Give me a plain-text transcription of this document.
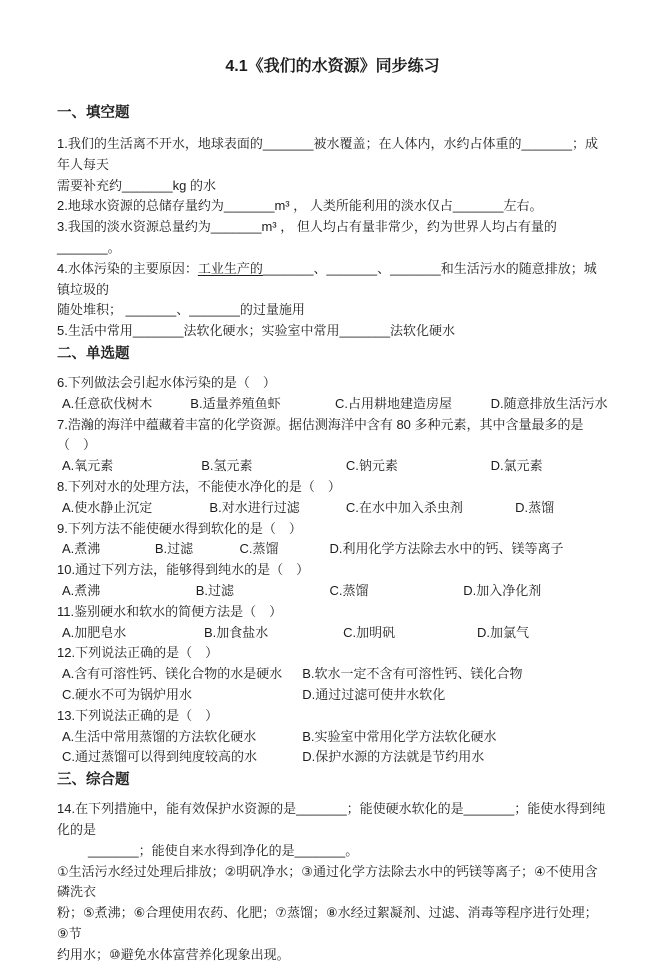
4.1《我们的水资源》同步练习
一、填空题
1.我们的生活离不开水，地球表面的_______被水覆盖；在人体内，水约占体重的_______；成年人每天
需要补充约_______kg 的水
2.地球水资源的总储存量约为_______m³ ， 人类所能利用的淡水仅占_______左右。
3.我国的淡水资源总量约为_______m³ ， 但人均占有量非常少，约为世界人均占有量的_______。
4.水体污染的主要原因：工业生产的_______、_______、_______和生活污水的随意排放；城镇垃圾的
随处堆积； _______、_______的过量施用
5.生活中常用_______法软化硬水；实验室中常用_______法软化硬水
二、单选题
6.下列做法会引起水体污染的是（　）
A.任意砍伐树木	B.适量养殖鱼虾	C.占用耕地建造房屋	D.随意排放生活污水
7.浩瀚的海洋中蕴藏着丰富的化学资源。据估测海洋中含有 80 多种元素，其中含量最多的是（　）
A.氧元素	B.氢元素	C.钠元素	D.氯元素
8.下列对水的处理方法，不能使水净化的是（　）
A.使水静止沉定	B.对水进行过滤	C.在水中加入杀虫剂	D.蒸馏
9.下列方法不能使硬水得到软化的是（　）
A.煮沸	B.过滤	C.蒸馏	D.利用化学方法除去水中的钙、镁等离子
10.通过下列方法，能够得到纯水的是（　）
A.煮沸	B.过滤	C.蒸馏	D.加入净化剂
11.鉴别硬水和软水的简便方法是（　）
A.加肥皂水	B.加食盐水	C.加明矾	D.加氯气
12.下列说法正确的是（　）
A.含有可溶性钙、镁化合物的水是硬水	B.软水一定不含有可溶性钙、镁化合物
C.硬水不可为锅炉用水	D.通过过滤可使井水软化
13.下列说法正确的是（　）
A.生活中常用蒸馏的方法软化硬水	B.实验室中常用化学方法软化硬水
C.通过蒸馏可以得到纯度较高的水	D.保护水源的方法就是节约用水
三、综合题
14.在下列措施中，能有效保护水资源的是_______；能使硬水软化的是_______；能使水得到纯化的是
_______；能使自来水得到净化的是_______。
①生活污水经过处理后排放；②明矾净水；③通过化学方法除去水中的钙镁等离子；④不使用含磷洗衣
粉；⑤煮沸；⑥合理使用农药、化肥；⑦蒸馏；⑧水经过絮凝剂、过滤、消毒等程序进行处理；⑨节
约用水；⑩避免水体富营养化现象出现。
